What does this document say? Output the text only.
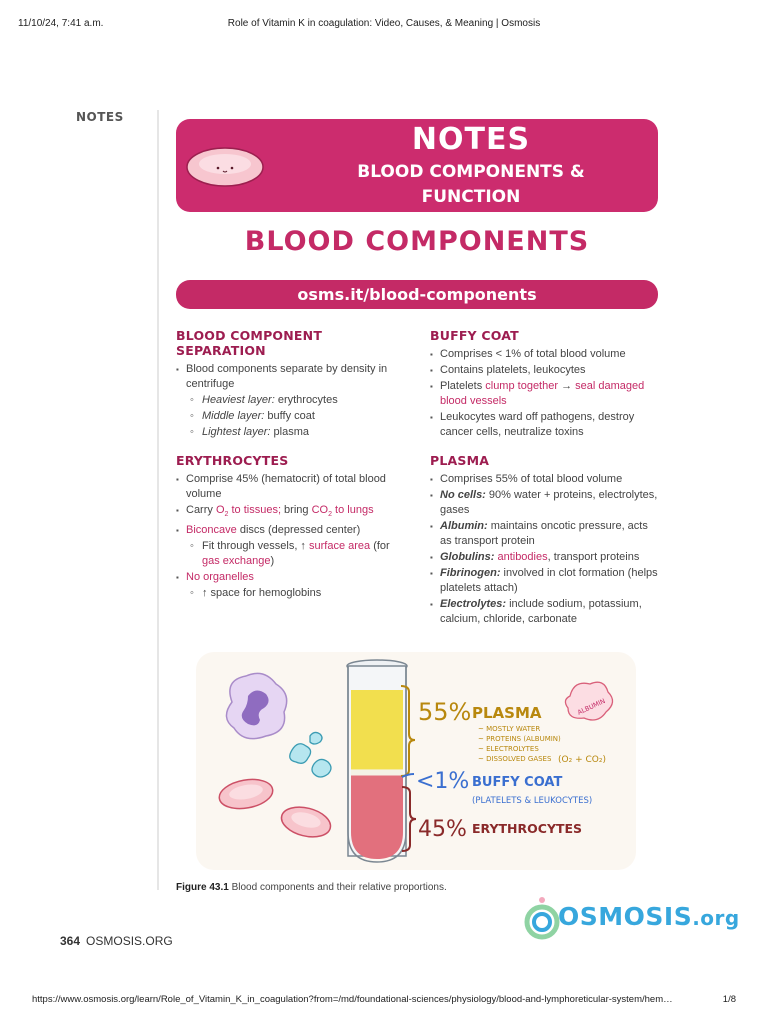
11/10/24, 7:41 a.m.	Role of Vitamin K in coagulation: Video, Causes, & Meaning | Osmosis
NOTES
NOTES
BLOOD COMPONENTS &
FUNCTION
BLOOD COMPONENTS
osms.it/blood-components
BLOOD COMPONENT SEPARATION
▪ Blood components separate by density in centrifuge
◦ Heaviest layer: erythrocytes
◦ Middle layer: buffy coat
◦ Lightest layer: plasma
ERYTHROCYTES
▪ Comprise 45% (hematocrit) of total blood volume
▪ Carry $O_2$ to tissues; bring $CO_2$ to lungs
▪ Biconcave discs (depressed center)
◦ Fit through vessels, ↑ surface area (for gas exchange)
▪ No organelles
◦ ↑ space for hemoglobins
BUFFY COAT
▪ Comprises < 1% of total blood volume
▪ Contains platelets, leukocytes
▪ Platelets clump together → seal damaged blood vessels
▪ Leukocytes ward off pathogens, destroy cancer cells, neutralize toxins
PLASMA
▪ Comprises 55% of total blood volume
▪ No cells: 90% water + proteins, electrolytes, gases
▪ Albumin: maintains oncotic pressure, acts as transport protein
▪ Globulins: antibodies, transport proteins
▪ Fibrinogen: involved in clot formation (helps platelets attach)
▪ Electrolytes: include sodium, potassium, calcium, chloride, carbonate
55% PLASMA
~ MOSTLY WATER
~ PROTEINS (ALBUMIN)
~ ELECTROLYTES
~ DISSOLVED GASES (O₂ + CO₂)
ALBUMIN
<1% BUFFY COAT
(PLATELETS & LEUKOCYTES)
45% ERYTHROCYTES
Figure 43.1 Blood components and their relative proportions.
OSMOSIS.org
364 OSMOSIS.ORG
https://www.osmosis.org/learn/Role_of_Vitamin_K_in_coagulation?from=/md/foundational-sciences/physiology/blood-and-lymphoreticular-system/hem…	1/8
